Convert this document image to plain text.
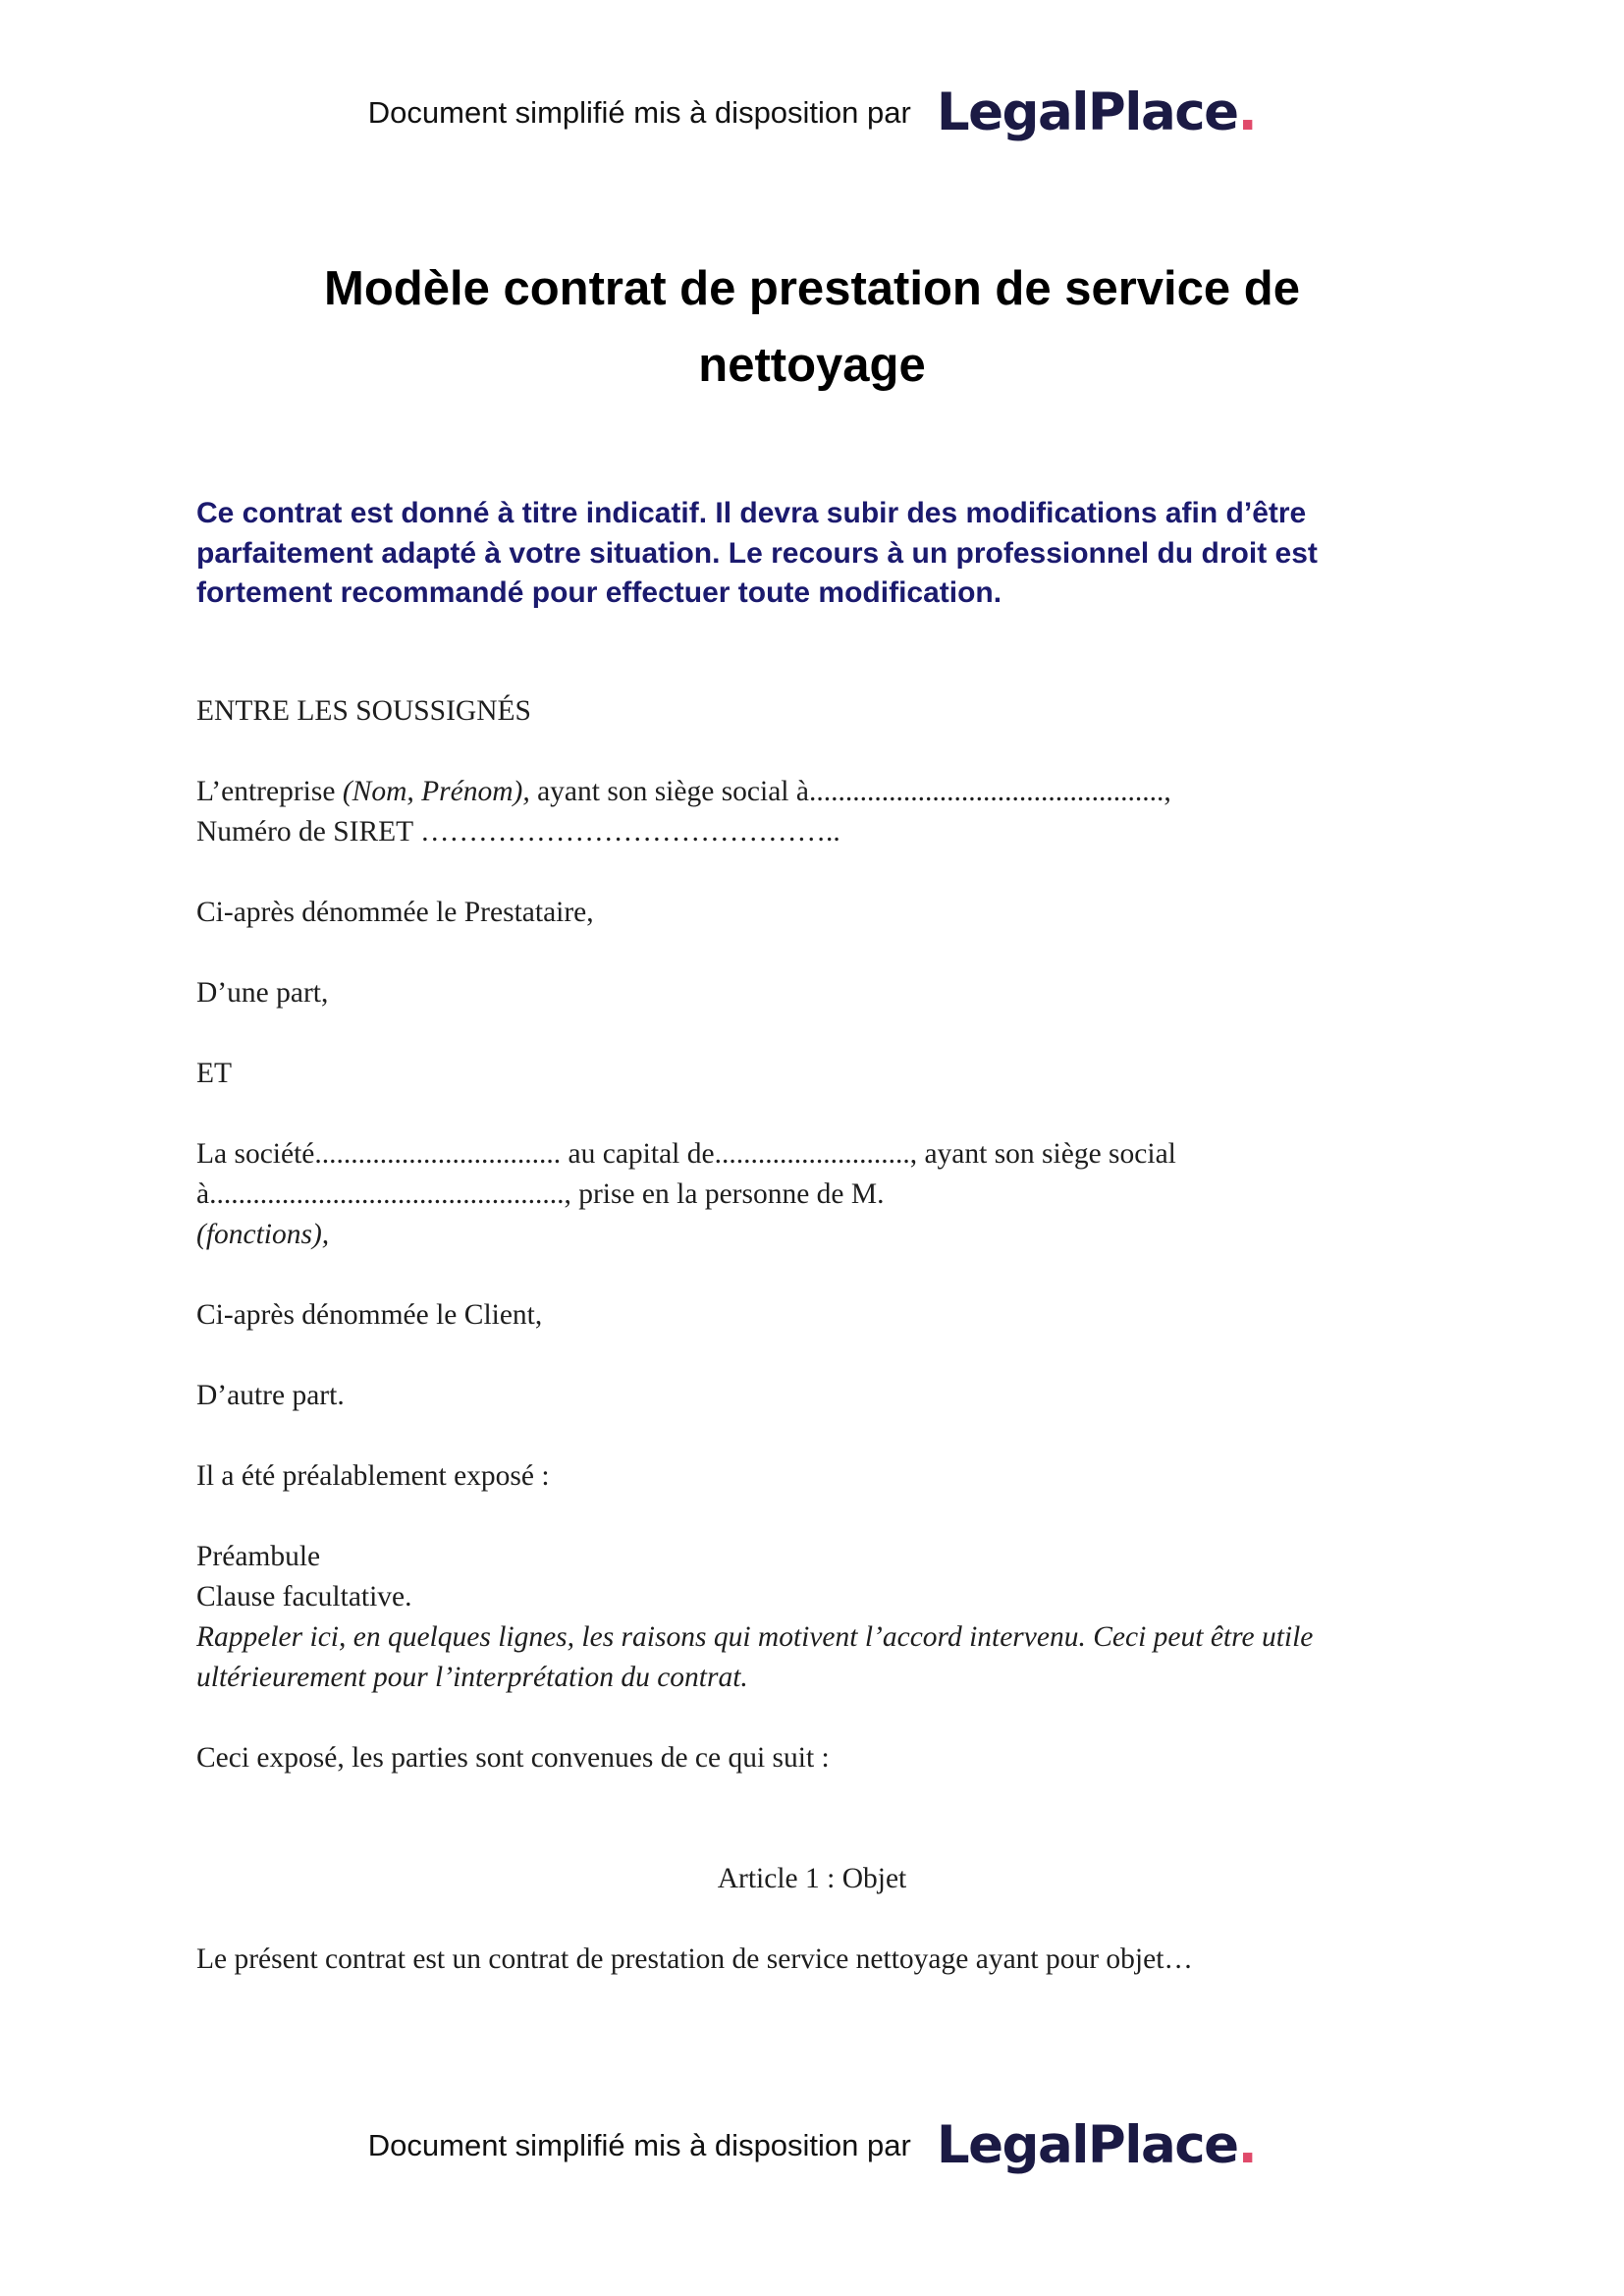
Document simplifié mis à disposition par LegalPlace.
Modèle contrat de prestation de service de
nettoyage
Ce contrat est donné à titre indicatif. Il devra subir des modifications afin d’être
parfaitement adapté à votre situation. Le recours à un professionnel du droit est
fortement recommandé pour effectuer toute modification.

ENTRE LES SOUSSIGNÉS

L’entreprise (Nom, Prénom), ayant son siège social à.................................................,
Numéro de SIRET ……………………………………..

Ci-après dénommée le Prestataire,

D’une part,

ET

La société.................................. au capital de..........................., ayant son siège social
à................................................., prise en la personne de M.
(fonctions),

Ci-après dénommée le Client,

D’autre part.

Il a été préalablement exposé :

Préambule
Clause facultative.
Rappeler ici, en quelques lignes, les raisons qui motivent l’accord intervenu. Ceci peut être utile
ultérieurement pour l’interprétation du contrat.

Ceci exposé, les parties sont convenues de ce qui suit :

Article 1 : Objet

Le présent contrat est un contrat de prestation de service nettoyage ayant pour objet…

Document simplifié mis à disposition par LegalPlace.
